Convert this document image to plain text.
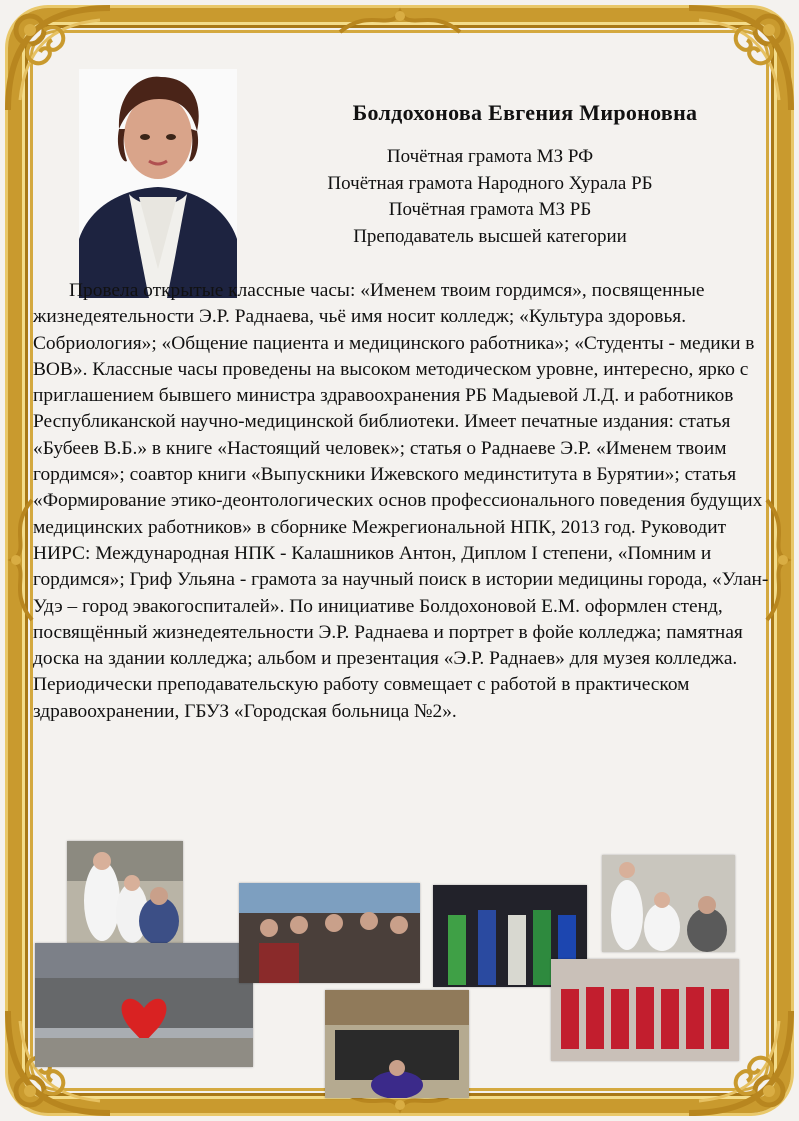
Болдохонова Евгения Мироновна
Почётная грамота МЗ РФ
Почётная грамота Народного Хурала РБ
Почётная грамота МЗ РБ
Преподаватель высшей категории

Провела открытые классные часы: «Именем твоим гордимся», посвященные жизнедеятельности Э.Р. Раднаева, чьё имя носит колледж; «Культура здоровья. Собриология»; «Общение пациента и медицинского работника»; «Студенты - медики в ВОВ». Классные часы проведены на высоком методическом уровне, интересно, ярко с приглашением бывшего министра здравоохранения РБ Мадыевой Л.Д. и работников Республиканской научно-медицинской библиотеки. Имеет печатные издания: статья «Бубеев В.Б.» в книге «Настоящий человек»; статья о Раднаеве Э.Р. «Именем твоим гордимся»; соавтор книги «Выпускники Ижевского мединститута в Бурятии»; статья «Формирование этико-деонтологических основ профессионального поведения будущих медицинских работников» в сборнике Межрегиональной НПК, 2013 год. Руководит НИРС: Международная НПК - Калашников Антон, Диплом I степени, «Помним и гордимся»; Гриф Ульяна - грамота за научный поиск в истории медицины города, «Улан-Удэ – город эвакогоспиталей». По инициативе Болдохоновой Е.М. оформлен стенд, посвящённый жизнедеятельности Э.Р. Раднаева и портрет в фойе колледжа; памятная доска на здании колледжа; альбом и презентация «Э.Р. Раднаев» для музея колледжа. Периодически преподавательскую работу совмещает с работой в практическом здравоохранении, ГБУЗ «Городская больница №2».
